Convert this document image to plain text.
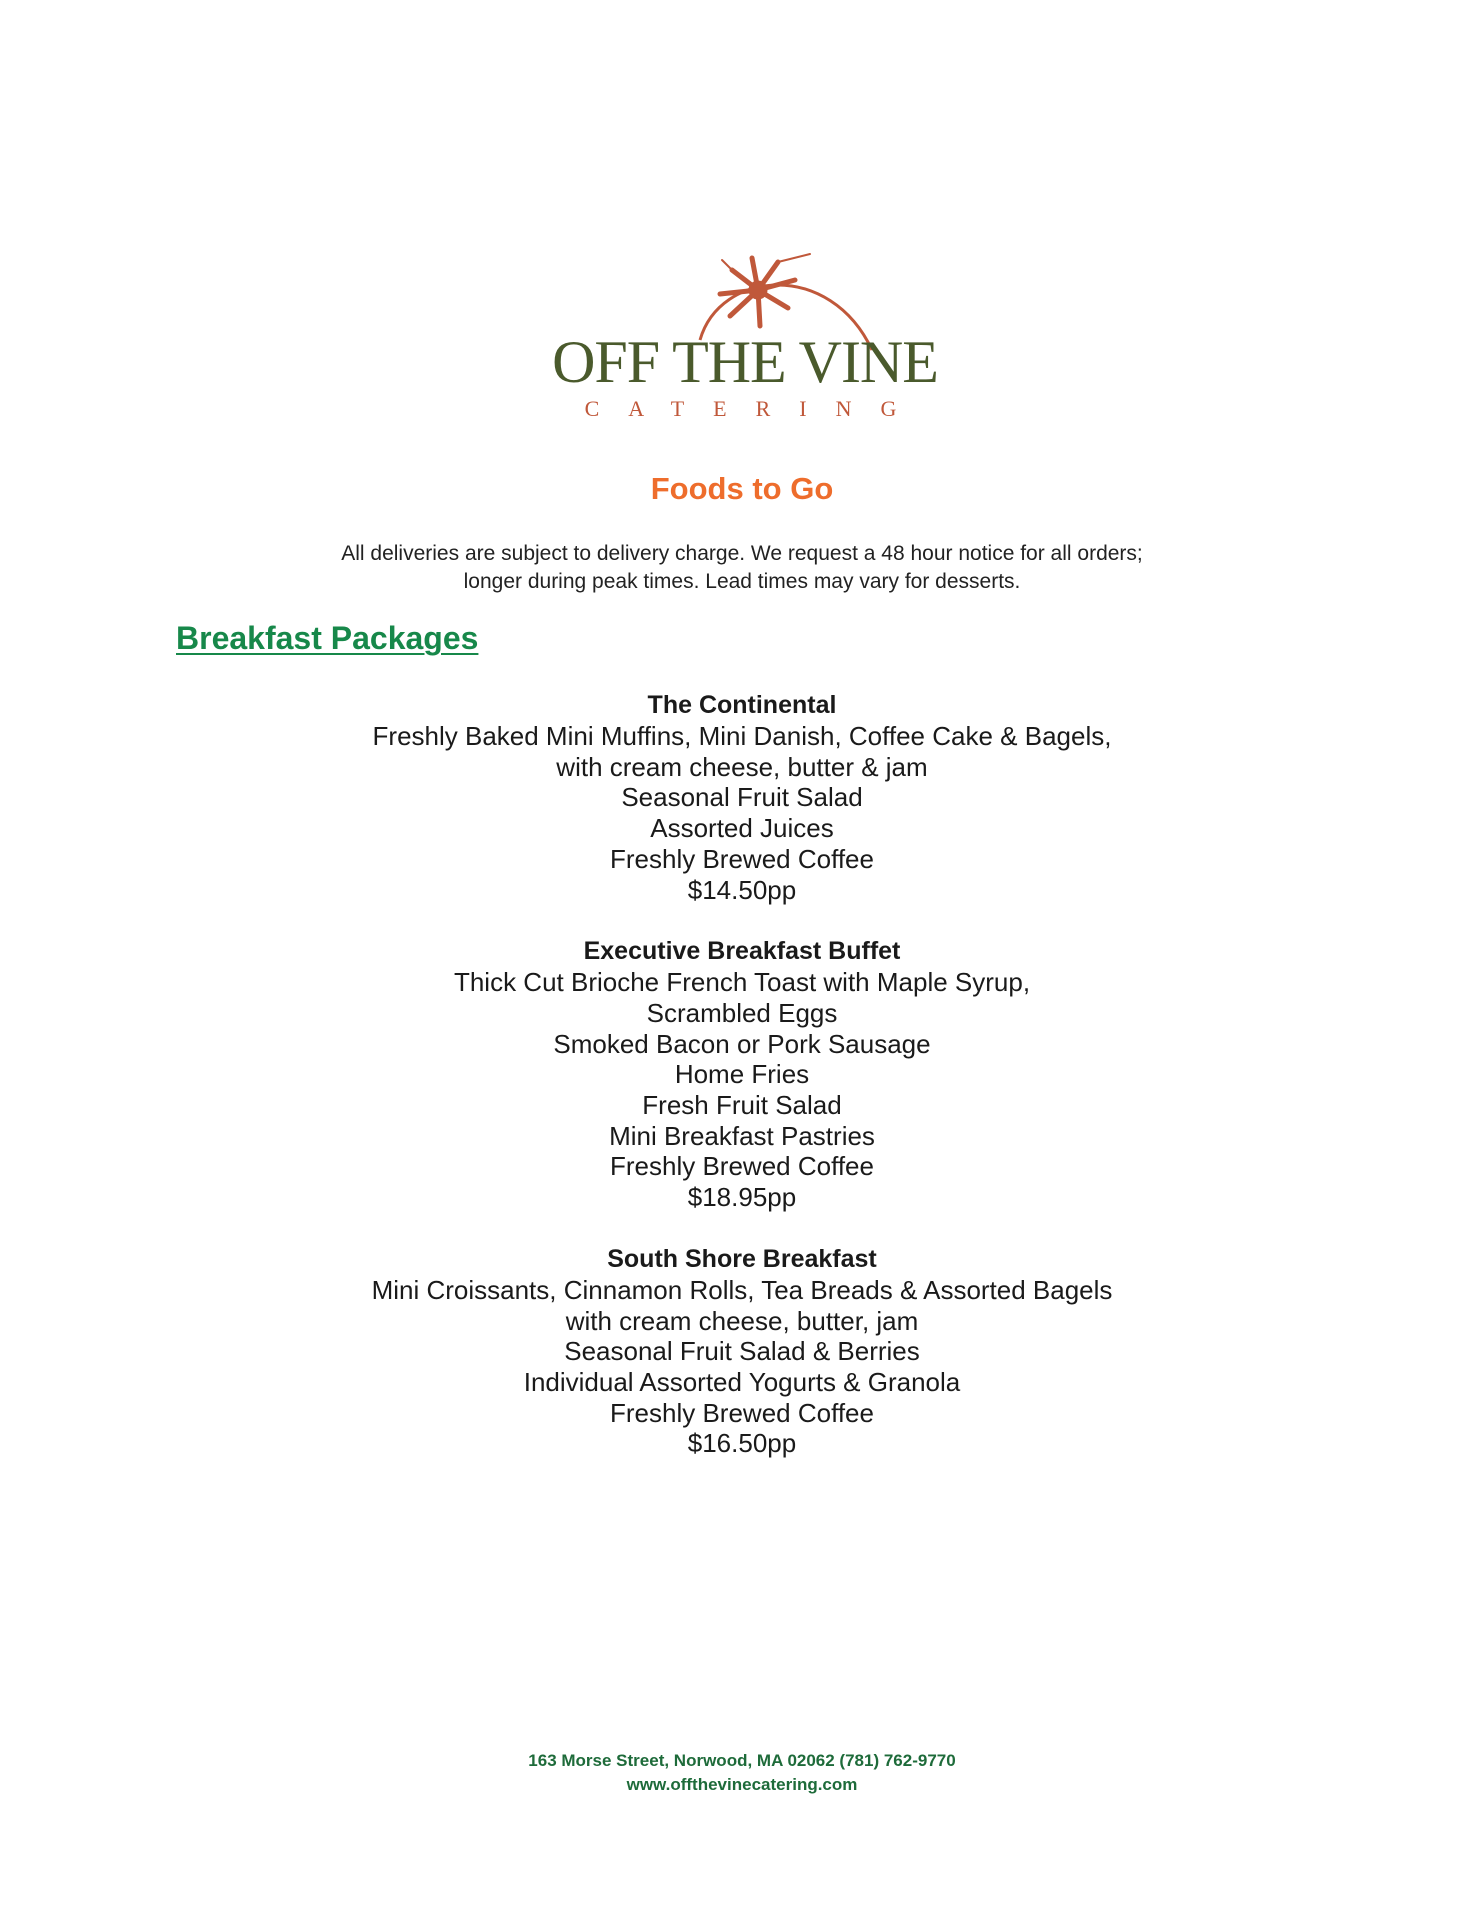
OFF THE VINE
CATERING
Foods to Go
All deliveries are subject to delivery charge. We request a 48 hour notice for all orders;
longer during peak times. Lead times may vary for desserts.
Breakfast Packages
The Continental
Freshly Baked Mini Muffins, Mini Danish, Coffee Cake & Bagels,
with cream cheese, butter & jam
Seasonal Fruit Salad
Assorted Juices
Freshly Brewed Coffee
$14.50pp
Executive Breakfast Buffet
Thick Cut Brioche French Toast with Maple Syrup,
Scrambled Eggs
Smoked Bacon or Pork Sausage
Home Fries
Fresh Fruit Salad
Mini Breakfast Pastries
Freshly Brewed Coffee
$18.95pp
South Shore Breakfast
Mini Croissants, Cinnamon Rolls, Tea Breads & Assorted Bagels
with cream cheese, butter, jam
Seasonal Fruit Salad & Berries
Individual Assorted Yogurts & Granola
Freshly Brewed Coffee
$16.50pp
163 Morse Street, Norwood, MA 02062 (781) 762-9770
www.offthevinecatering.com
